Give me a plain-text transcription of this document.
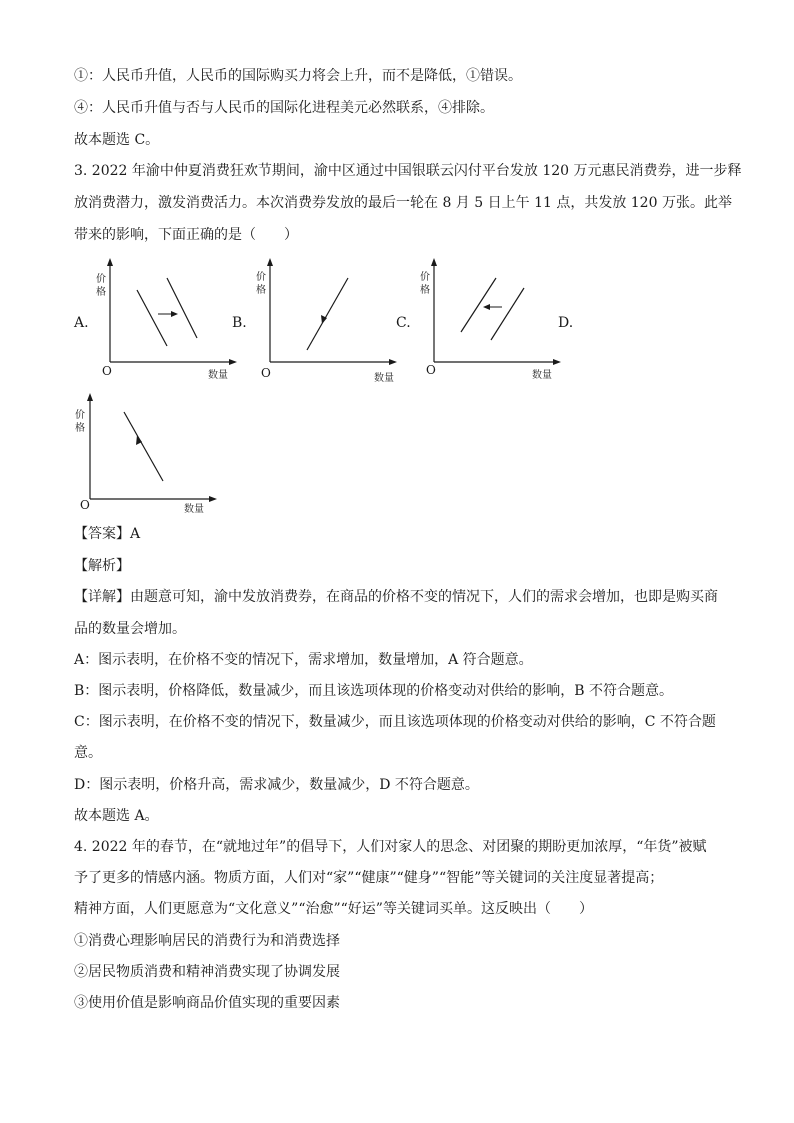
①：人民币升值，人民币的国际购买力将会上升，而不是降低，①错误。
④：人民币升值与否与人民币的国际化进程美元必然联系，④排除。
故本题选 C。
3. 2022 年渝中仲夏消费狂欢节期间，渝中区通过中国银联云闪付平台发放 120 万元惠民消费券，进一步释
放消费潜力，激发消费活力。本次消费券发放的最后一轮在 8 月 5 日上午 11 点，共发放 120 万张。此举
带来的影响，下面正确的是（　　）
A.	B.	C.	D.
价
格
O	数量
价
格
O	数量
价
格
O	数量
价
格
O	数量
【答案】A
【解析】
【详解】由题意可知，渝中发放消费券，在商品的价格不变的情况下，人们的需求会增加，也即是购买商
品的数量会增加。
A：图示表明，在价格不变的情况下，需求增加，数量增加，A 符合题意。
B：图示表明，价格降低，数量减少，而且该选项体现的价格变动对供给的影响，B 不符合题意。
C：图示表明，在价格不变的情况下，数量减少，而且该选项体现的价格变动对供给的影响，C 不符合题
意。
D：图示表明，价格升高，需求减少，数量减少，D 不符合题意。
故本题选 A。
4. 2022 年的春节，在“就地过年”的倡导下，人们对家人的思念、对团聚的期盼更加浓厚，“年货”被赋
予了更多的情感内涵。物质方面，人们对“家”“健康”“健身”“智能”等关键词的关注度显著提高；
精神方面，人们更愿意为“文化意义”“治愈”“好运”等关键词买单。这反映出（　　）
①消费心理影响居民的消费行为和消费选择
②居民物质消费和精神消费实现了协调发展
③使用价值是影响商品价值实现的重要因素
